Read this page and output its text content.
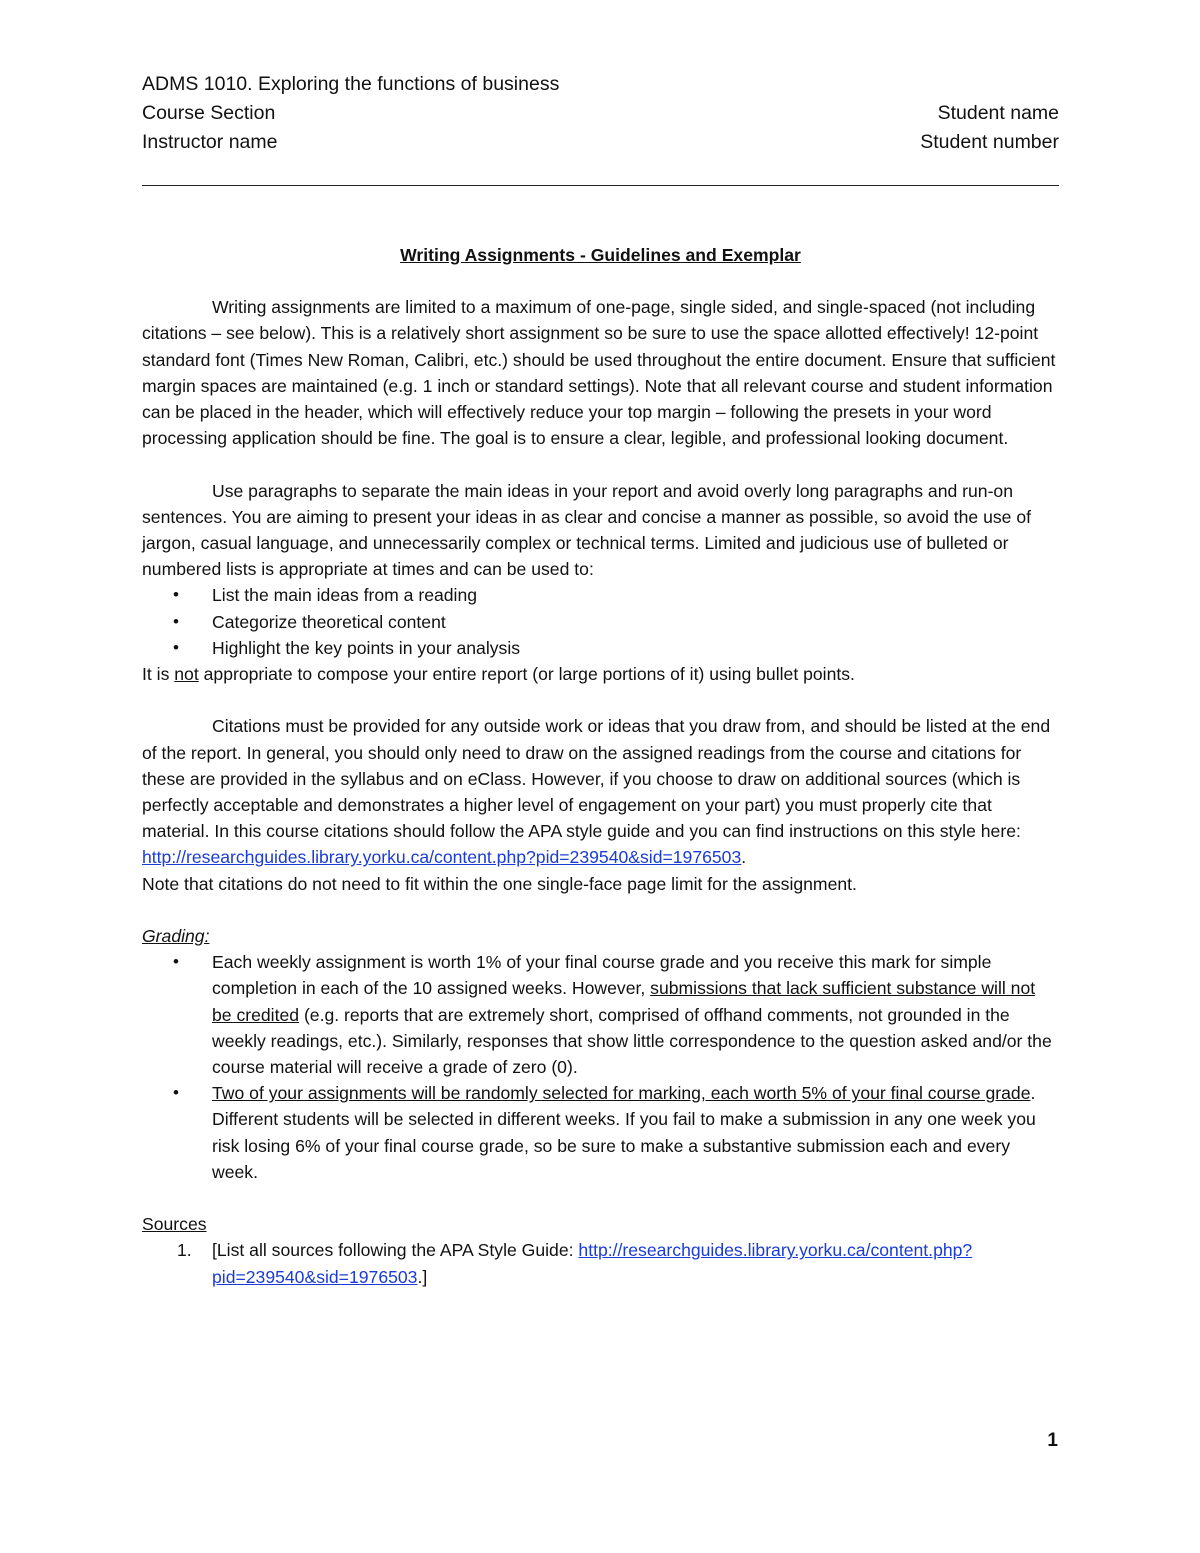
ADMS 1010. Exploring the functions of business
Course Section	Student name
Instructor name	Student number
Writing Assignments - Guidelines and Exemplar

Writing assignments are limited to a maximum of one-page, single sided, and single-spaced (not including citations – see below). This is a relatively short assignment so be sure to use the space allotted effectively! 12-point standard font (Times New Roman, Calibri, etc.) should be used throughout the entire document. Ensure that sufficient margin spaces are maintained (e.g. 1 inch or standard settings). Note that all relevant course and student information can be placed in the header, which will effectively reduce your top margin – following the presets in your word processing application should be fine. The goal is to ensure a clear, legible, and professional looking document.

Use paragraphs to separate the main ideas in your report and avoid overly long paragraphs and run-on sentences. You are aiming to present your ideas in as clear and concise a manner as possible, so avoid the use of jargon, casual language, and unnecessarily complex or technical terms. Limited and judicious use of bulleted or numbered lists is appropriate at times and can be used to:

• List the main ideas from a reading
• Categorize theoretical content
• Highlight the key points in your analysis

It is not appropriate to compose your entire report (or large portions of it) using bullet points.

Citations must be provided for any outside work or ideas that you draw from, and should be listed at the end of the report. In general, you should only need to draw on the assigned readings from the course and citations for these are provided in the syllabus and on eClass. However, if you choose to draw on additional sources (which is perfectly acceptable and demonstrates a higher level of engagement on your part) you must properly cite that material. In this course citations should follow the APA style guide and you can find instructions on this style here:

http://researchguides.library.yorku.ca/content.php?pid=239540&sid=1976503.

Note that citations do not need to fit within the one single-face page limit for the assignment.

Grading:

• Each weekly assignment is worth 1% of your final course grade and you receive this mark for simple completion in each of the 10 assigned weeks. However, submissions that lack sufficient substance will not be credited (e.g. reports that are extremely short, comprised of offhand comments, not grounded in the weekly readings, etc.). Similarly, responses that show little correspondence to the question asked and/or the course material will receive a grade of zero (0).
• Two of your assignments will be randomly selected for marking, each worth 5% of your final course grade. Different students will be selected in different weeks. If you fail to make a submission in any one week you risk losing 6% of your final course grade, so be sure to make a substantive submission each and every week.

Sources

1. [List all sources following the APA Style Guide: http://researchguides.library.yorku.ca/content.php?pid=239540&sid=1976503.]
1
